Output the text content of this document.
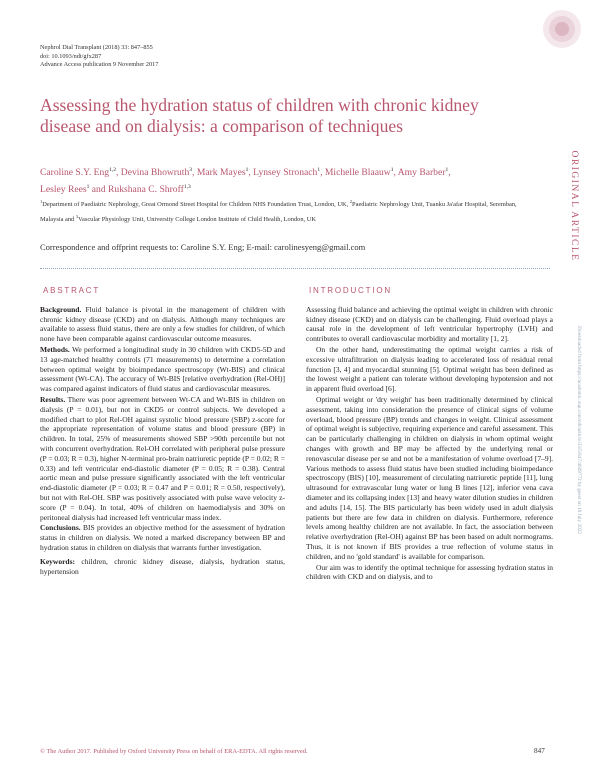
Nephrol Dial Transplant (2018) 33: 847–855
doi: 10.1093/ndt/gfx287
Advance Access publication 9 November 2017
Assessing the hydration status of children with chronic kidney disease and on dialysis: a comparison of techniques
Caroline S.Y. Eng$^{1,2}$, Devina Bhowruth$^3$, Mark Mayes$^1$, Lynsey Stronach$^1$, Michelle Blaauw$^1$, Amy Barber$^1$,
Lesley Rees$^1$ and Rukshana C. Shroff$^{1,3}$
$^1$Department of Paediatric Nephrology, Great Ormond Street Hospital for Children NHS Foundation Trust, London, UK, $^2$Paediatric Nephrology Unit, Tuanku Ja'afar Hospital, Seremban, Malaysia and $^3$Vascular Physiology Unit, University College London Institute of Child Health, London, UK
Correspondence and offprint requests to: Caroline S.Y. Eng; E-mail: carolinesyeng@gmail.com
ABSTRACT

Background. Fluid balance is pivotal in the management of children with chronic kidney disease (CKD) and on dialysis. Although many techniques are available to assess fluid status, there are only a few studies for children, of which none have been comparable against cardiovascular outcome measures.

Methods. We performed a longitudinal study in 30 children with CKD5-5D and 13 age-matched healthy controls (71 measurements) to determine a correlation between optimal weight by bioimpedance spectroscopy (Wt-BIS) and clinical assessment (Wt-CA). The accuracy of Wt-BIS [relative overhydration (Rel-OH)] was compared against indicators of fluid status and cardiovascular measures.

Results. There was poor agreement between Wt-CA and Wt-BIS in children on dialysis (P = 0.01), but not in CKD5 or control subjects. We developed a modified chart to plot Rel-OH against systolic blood pressure (SBP) z-score for the appropriate representation of volume status and blood pressure (BP) in children. In total, 25% of measurements showed SBP >90th percentile but not with concurrent overhydration. Rel-OH correlated with peripheral pulse pressure (P = 0.03; R = 0.3), higher N-terminal pro-brain natriuretic peptide (P = 0.02; R = 0.33) and left ventricular end-diastolic diameter (P = 0.05; R = 0.38). Central aortic mean and pulse pressure significantly associated with the left ventricular end-diastolic diameter (P = 0.03; R = 0.47 and P = 0.01; R = 0.50, respectively), but not with Rel-OH. SBP was positively associated with pulse wave velocity z-score (P = 0.04). In total, 40% of children on haemodialysis and 30% on peritoneal dialysis had increased left ventricular mass index.

Conclusions. BIS provides an objective method for the assessment of hydration status in children on dialysis. We noted a marked discrepancy between BP and hydration status in children on dialysis that warrants further investigation.

Keywords: children, chronic kidney disease, dialysis, hydration status, hypertension

INTRODUCTION

Assessing fluid balance and achieving the optimal weight in children with chronic kidney disease (CKD) and on dialysis can be challenging. Fluid overload plays a causal role in the development of left ventricular hypertrophy (LVH) and contributes to overall cardiovascular morbidity and mortality [1, 2].

On the other hand, underestimating the optimal weight carries a risk of excessive ultrafiltration on dialysis leading to accelerated loss of residual renal function [3, 4] and myocardial stunning [5]. Optimal weight has been defined as the lowest weight a patient can tolerate without developing hypotension and not in apparent fluid overload [6].

Optimal weight or 'dry weight' has been traditionally determined by clinical assessment, taking into consideration the presence of clinical signs of volume overload, blood pressure (BP) trends and changes in weight. Clinical assessment of optimal weight is subjective, requiring experience and careful assessment. This can be particularly challenging in children on dialysis in whom optimal weight changes with growth and BP may be affected by the underlying renal or renovascular disease per se and not be a manifestation of volume overload [7–9]. Various methods to assess fluid status have been studied including bioimpedance spectroscopy (BIS) [10], measurement of circulating natriuretic peptide [11], lung ultrasound for extravascular lung water or lung B lines [12], inferior vena cava diameter and its collapsing index [13] and heavy water dilution studies in children and adults [14, 15]. The BIS particularly has been widely used in adult dialysis patients but there are few data in children on dialysis. Furthermore, reference levels among healthy children are not available. In fact, the association between relative overhydration (Rel-OH) against BP has been based on adult normograms. Thus, it is not known if BIS provides a true reflection of volume status in children, and no 'gold standard' is available for comparison.

Our aim was to identify the optimal technique for assessing hydration status in children with CKD and on dialysis, and to

ORIGINAL ARTICLE
Downloaded from https://academic.oup.com/ndt/article/33/5/847/4609772 by guest on 18 July 2022
© The Author 2017. Published by Oxford University Press on behalf of ERA-EDTA. All rights reserved.	847
